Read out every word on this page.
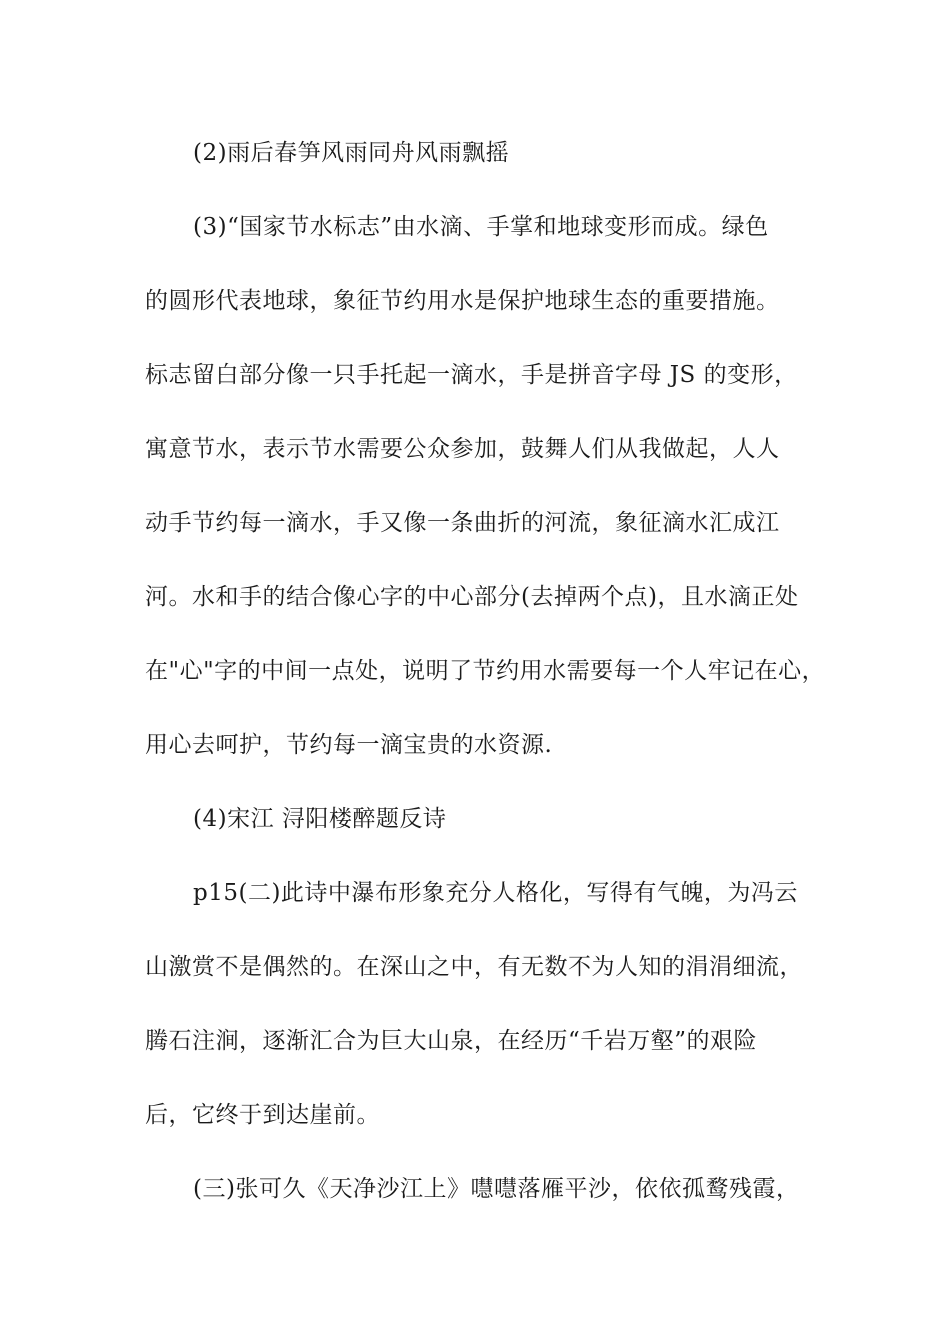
(2)雨后春笋风雨同舟风雨飘摇
(3)“国家节水标志”由水滴、手掌和地球变形而成。绿色
的圆形代表地球，象征节约用水是保护地球生态的重要措施。
标志留白部分像一只手托起一滴水，手是拼音字母 JS 的变形，
寓意节水，表示节水需要公众参加，鼓舞人们从我做起，人人
动手节约每一滴水，手又像一条曲折的河流，象征滴水汇成江
河。水和手的结合像心字的中心部分(去掉两个点)，且水滴正处
在"心"字的中间一点处，说明了节约用水需要每一个人牢记在心，
用心去呵护，节约每一滴宝贵的水资源.
(4)宋江 浔阳楼醉题反诗
p15(二)此诗中瀑布形象充分人格化，写得有气魄，为冯云
山激赏不是偶然的。在深山之中，有无数不为人知的涓涓细流，
腾石注涧，逐渐汇合为巨大山泉，在经历“千岩万壑”的艰险
后，它终于到达崖前。
(三)张可久《天净沙江上》嚖嚖落雁平沙，依依孤鹜残霞，
